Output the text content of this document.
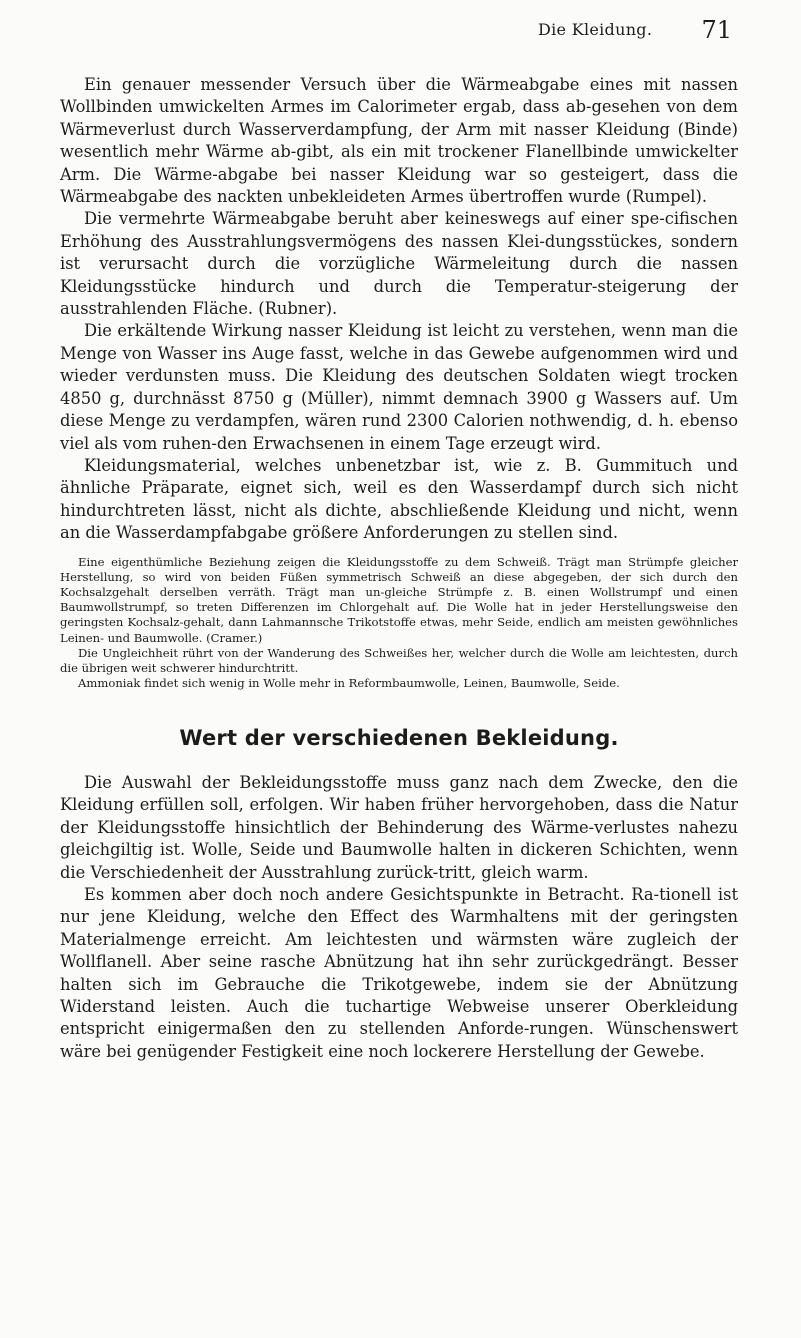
Die Kleidung. 71

Ein genauer messender Versuch über die Wärmeabgabe eines mit nassen Wollbinden umwickelten Armes im Calorimeter ergab, dass ab-gesehen von dem Wärmeverlust durch Wasserverdampfung, der Arm mit nasser Kleidung (Binde) wesentlich mehr Wärme ab-gibt, als ein mit trockener Flanellbinde umwickelter Arm. Die Wärme-abgabe bei nasser Kleidung war so gesteigert, dass die Wärmeabgabe des nackten unbekleideten Armes übertroffen wurde (Rumpel).

Die vermehrte Wärmeabgabe beruht aber keineswegs auf einer spe-cifischen Erhöhung des Ausstrahlungsvermögens des nassen Klei-dungsstückes, sondern ist verursacht durch die vorzügliche Wärmeleitung durch die nassen Kleidungsstücke hindurch und durch die Temperatur-steigerung der ausstrahlenden Fläche. (Rubner).

Die erkältende Wirkung nasser Kleidung ist leicht zu verstehen, wenn man die Menge von Wasser ins Auge fasst, welche in das Gewebe aufgenommen wird und wieder verdunsten muss. Die Kleidung des deutschen Soldaten wiegt trocken 4850 g, durchnässt 8750 g (Müller), nimmt demnach 3900 g Wassers auf. Um diese Menge zu verdampfen, wären rund 2300 Calorien nothwendig, d. h. ebenso viel als vom ruhen-den Erwachsenen in einem Tage erzeugt wird.

Kleidungsmaterial, welches unbenetzbar ist, wie z. B. Gummituch und ähnliche Präparate, eignet sich, weil es den Wasserdampf durch sich nicht hindurchtreten lässt, nicht als dichte, abschließende Kleidung und nicht, wenn an die Wasserdampfabgabe größere Anforderungen zu stellen sind.

Eine eigenthümliche Beziehung zeigen die Kleidungsstoffe zu dem Schweiß. Trägt man Strümpfe gleicher Herstellung, so wird von beiden Füßen symmetrisch Schweiß an diese abgegeben, der sich durch den Kochsalzgehalt derselben verräth. Trägt man un-gleiche Strümpfe z. B. einen Wollstrumpf und einen Baumwollstrumpf, so treten Differenzen im Chlorgehalt auf. Die Wolle hat in jeder Herstellungsweise den geringsten Kochsalz-gehalt, dann Lahmannsche Trikotstoffe etwas, mehr Seide, endlich am meisten gewöhnliches Leinen- und Baumwolle. (Cramer.)

Die Ungleichheit rührt von der Wanderung des Schweißes her, welcher durch die Wolle am leichtesten, durch die übrigen weit schwerer hindurchtritt.

Ammoniak findet sich wenig in Wolle mehr in Reformbaumwolle, Leinen, Baumwolle, Seide.

Wert der verschiedenen Bekleidung.

Die Auswahl der Bekleidungsstoffe muss ganz nach dem Zwecke, den die Kleidung erfüllen soll, erfolgen. Wir haben früher hervorgehoben, dass die Natur der Kleidungsstoffe hinsichtlich der Behinderung des Wärme-verlustes nahezu gleichgiltig ist. Wolle, Seide und Baumwolle halten in dickeren Schichten, wenn die Verschiedenheit der Ausstrahlung zurück-tritt, gleich warm.

Es kommen aber doch noch andere Gesichtspunkte in Betracht. Ra-tionell ist nur jene Kleidung, welche den Effect des Warmhaltens mit der geringsten Materialmenge erreicht. Am leichtesten und wärmsten wäre zugleich der Wollflanell. Aber seine rasche Abnützung hat ihn sehr zurückgedrängt. Besser halten sich im Gebrauche die Trikotgewebe, indem sie der Abnützung Widerstand leisten. Auch die tuchartige Webweise unserer Oberkleidung entspricht einigermaßen den zu stellenden Anforde-rungen. Wünschenswert wäre bei genügender Festigkeit eine noch lockerere Herstellung der Gewebe.
